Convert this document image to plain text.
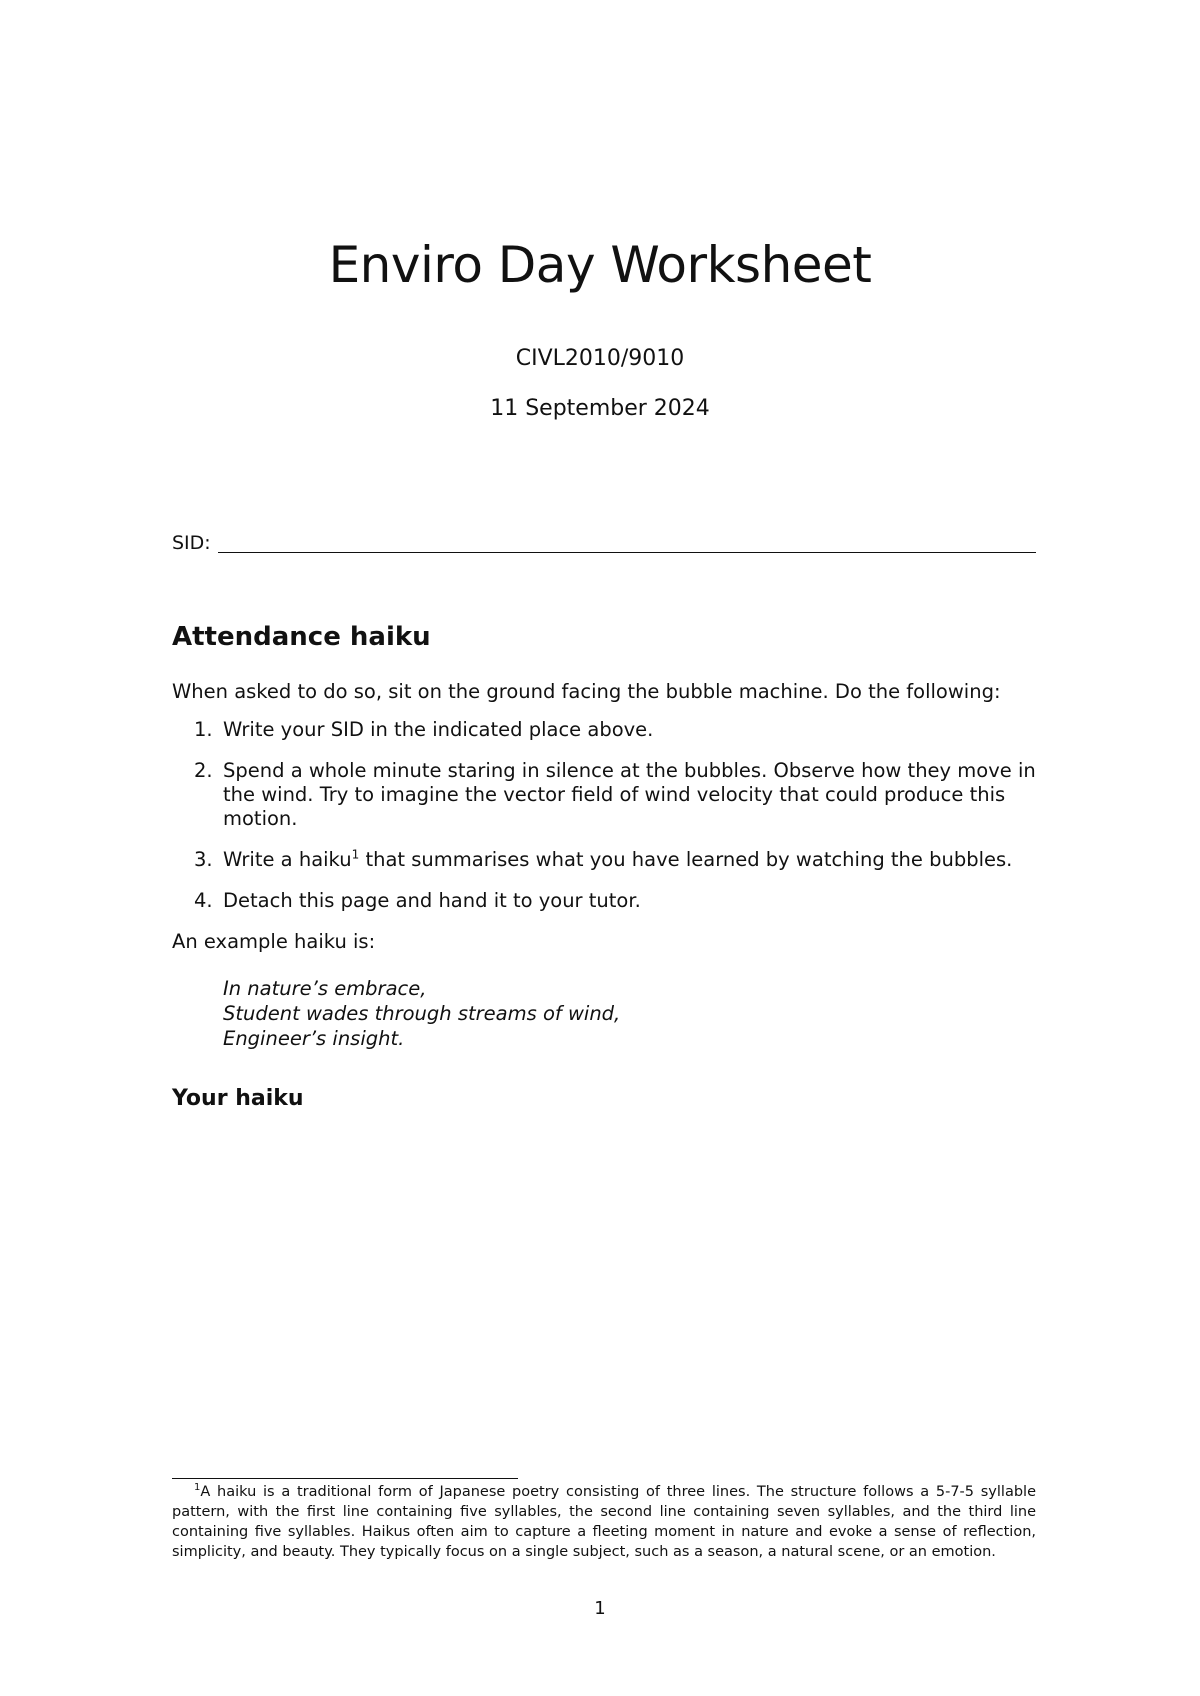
Enviro Day Worksheet
CIVL2010/9010
11 September 2024
SID:
Attendance haiku

When asked to do so, sit on the ground facing the bubble machine. Do the following:

1. Write your SID in the indicated place above.
2. Spend a whole minute staring in silence at the bubbles. Observe how they move in the wind. Try to imagine the vector field of wind velocity that could produce this motion.
3. Write a haiku$^1$ that summarises what you have learned by watching the bubbles.
4. Detach this page and hand it to your tutor.

An example haiku is:

In nature’s embrace,
Student wades through streams of wind,
Engineer’s insight.
Your haiku

$^1$A haiku is a traditional form of Japanese poetry consisting of three lines. The structure follows a 5-7-5 syllable pattern, with the first line containing five syllables, the second line containing seven syllables, and the third line containing five syllables. Haikus often aim to capture a fleeting moment in nature and evoke a sense of reflection, simplicity, and beauty. They typically focus on a single subject, such as a season, a natural scene, or an emotion.

1
